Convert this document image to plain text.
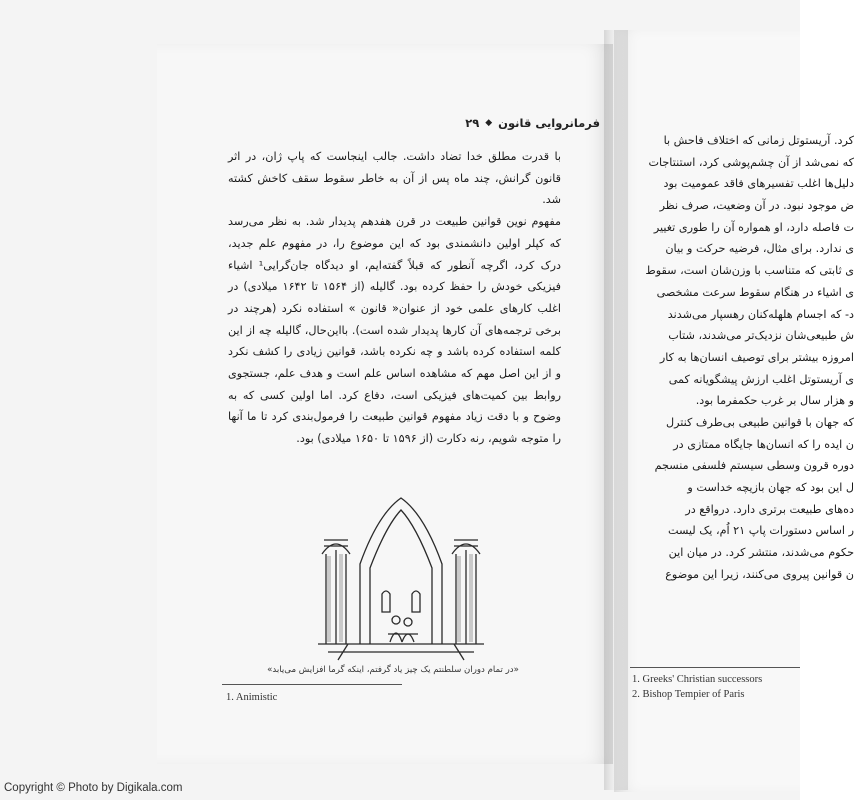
فرمانروایی قانون
◆
۲۹

با قدرت مطلق خدا تضاد داشت. جالب اینجاست که پاپ ژان، در اثر قانون گرانش، چند ماه پس از آن به خاطر سقوط سقف کاخش کشته شد.

مفهوم نوین قوانین طبیعت در قرن هفدهم پدیدار شد. به نظر می‌رسد که کپلر اولین دانشمندی بود که این موضوع را، در مفهوم علم جدید، درک کرد، اگرچه آنطور که قبلاً گفته‌ایم، او دیدگاه جان‌گرایی¹ اشیاء فیزیکی خودش را حفظ کرده بود. گالیله (از ۱۵۶۴ تا ۱۶۴۲ میلادی) در اغلب کارهای علمی خود از عنوان« قانون » استفاده نکرد (هرچند در برخی ترجمه‌های آن کارها پدیدار شده است). بااین‌حال، گالیله چه از این کلمه استفاده کرده باشد و چه نکرده باشد، قوانین زیادی را کشف نکرد و از این اصل مهم که مشاهده اساس علم است و هدف علم، جستجوی روابط بین کمیت‌های فیزیکی است، دفاع کرد. اما اولین کسی که به وضوح و با دقت زیاد مفهوم قوانین طبیعت را فرمول‌بندی کرد تا ما آنها را متوجه شویم، رنه دکارت (از ۱۵۹۶ تا ۱۶۵۰ میلادی) بود.

«در تمام دوران سلطنتم یک چیز یاد گرفتم، اینکه گرما افزایش می‌یابد»
1. Animistic
کرد. آریستوتل زمانی که اختلاف فاحش با
که نمی‌شد از آن چشم‌پوشی کرد، استنتاجات
دلیل‌ها اغلب تفسیرهای فاقد عمومیت بود
ض موجود نبود. در آن وضعیت، صرف نظر
ت فاصله دارد، او همواره آن را طوری تغییر
ی ندارد. برای مثال، فرضیه حرکت و بیان
ی ثابتی که متناسب با وزن‌شان است، سقوط
ی اشیاء در هنگام سقوط سرعت مشخصی
د- که اجسام هلهله‌کنان رهسپار می‌شدند
ش طبیعی‌شان نزدیک‌تر می‌شدند، شتاب
امروزه بیشتر برای توصیف انسان‌ها به کار
ی آریستوتل اغلب ارزش پیشگویانه کمی
و هزار سال بر غرب حکمفرما بود.
که جهان با قوانین طبیعی بی‌طرف کنترل
ن ایده را که انسان‌ها جایگاه ممتازی در
دوره قرون وسطی سیستم فلسفی منسجم
ل این بود که جهان بازیچه خداست و
ده‌های طبیعت برتری دارد. درواقع در
ر اساس دستورات پاپ ۲۱ اُم، یک لیست
حکوم می‌شدند، منتشر کرد. در میان این
ن قوانین پیروی می‌کنند، زیرا این موضوع
1. Greeks' Christian successors
2. Bishop Tempier of Paris
Copyright © Photo by Digikala.com
